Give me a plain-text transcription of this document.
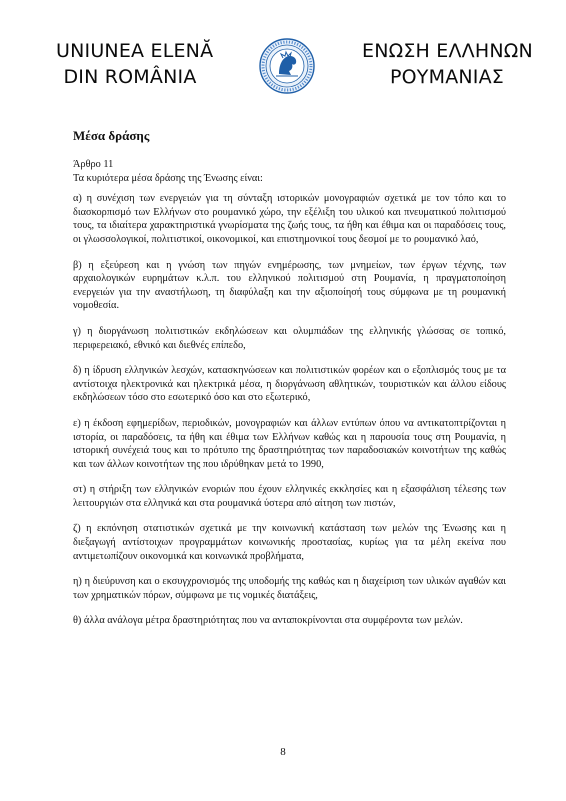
UNIUNEA ELENĂ
DIN ROMÂNIA
ΕΝΩΣΗ ΕΛΛΗΝΩΝ
ΡΟΥΜΑΝΙΑΣ
Μέσα δράσης

Άρθρο 11

Τα κυριότερα μέσα δράσης της Ένωσης είναι:

α) η συνέχιση των ενεργειών για τη σύνταξη ιστορικών μονογραφιών σχετικά με τον τόπο και το διασκορπισμό των Ελλήνων στο ρουμανικό χώρο, την εξέλιξη του υλικού και πνευματικού πολιτισμού τους, τα ιδιαίτερα χαρακτηριστικά γνωρίσματα της ζωής τους, τα ήθη και έθιμα και οι παραδόσεις τους, οι γλωσσολογικοί, πολιτιστικοί, οικονομικοί, και επιστημονικοί τους δεσμοί με το ρουμανικό λαό,

β) η εξεύρεση και η γνώση των πηγών ενημέρωσης, των μνημείων, των έργων τέχνης, των αρχαιολογικών ευρημάτων κ.λ.π. του ελληνικού πολιτισμού στη Ρουμανία, η πραγματοποίηση ενεργειών για την αναστήλωση, τη διαφύλαξη και την αξιοποίησή τους σύμφωνα με τη ρουμανική νομοθεσία.

γ) η διοργάνωση πολιτιστικών εκδηλώσεων και ολυμπιάδων της ελληνικής γλώσσας σε τοπικό, περιφερειακό, εθνικό και διεθνές επίπεδο,

δ) η ίδρυση ελληνικών λεσχών, κατασκηνώσεων και πολιτιστικών φορέων και ο εξοπλισμός τους με τα αντίστοιχα ηλεκτρονικά και ηλεκτρικά μέσα, η διοργάνωση αθλητικών, τουριστικών και άλλου είδους εκδηλώσεων τόσο στο εσωτερικό όσο και στο εξωτερικό,

ε) η έκδοση εφημερίδων, περιοδικών, μονογραφιών και άλλων εντύπων όπου να αντικατοπτρίζονται η ιστορία, οι παραδόσεις, τα ήθη και έθιμα των Ελλήνων καθώς και η παρουσία τους στη Ρουμανία, η ιστορική συνέχειά τους και το πρότυπο της δραστηριότητας των παραδοσιακών κοινοτήτων της καθώς και των άλλων κοινοτήτων της που ιδρύθηκαν μετά το 1990,

στ) η στήριξη των ελληνικών ενοριών που έχουν ελληνικές εκκλησίες και η εξασφάλιση τέλεσης των λειτουργιών στα ελληνικά και στα ρουμανικά ύστερα από αίτηση των πιστών,

ζ) η εκπόνηση στατιστικών σχετικά με την κοινωνική κατάσταση των μελών της Ένωσης και η διεξαγωγή αντίστοιχων προγραμμάτων κοινωνικής προστασίας, κυρίως για τα μέλη εκείνα που αντιμετωπίζουν οικονομικά και κοινωνικά προβλήματα,

η) η διεύρυνση και ο εκσυγχρονισμός της υποδομής της καθώς και η διαχείριση των υλικών αγαθών και των χρηματικών πόρων, σύμφωνα με τις νομικές διατάξεις,

θ) άλλα ανάλογα μέτρα δραστηριότητας που να ανταποκρίνονται στα συμφέροντα των μελών.

8
